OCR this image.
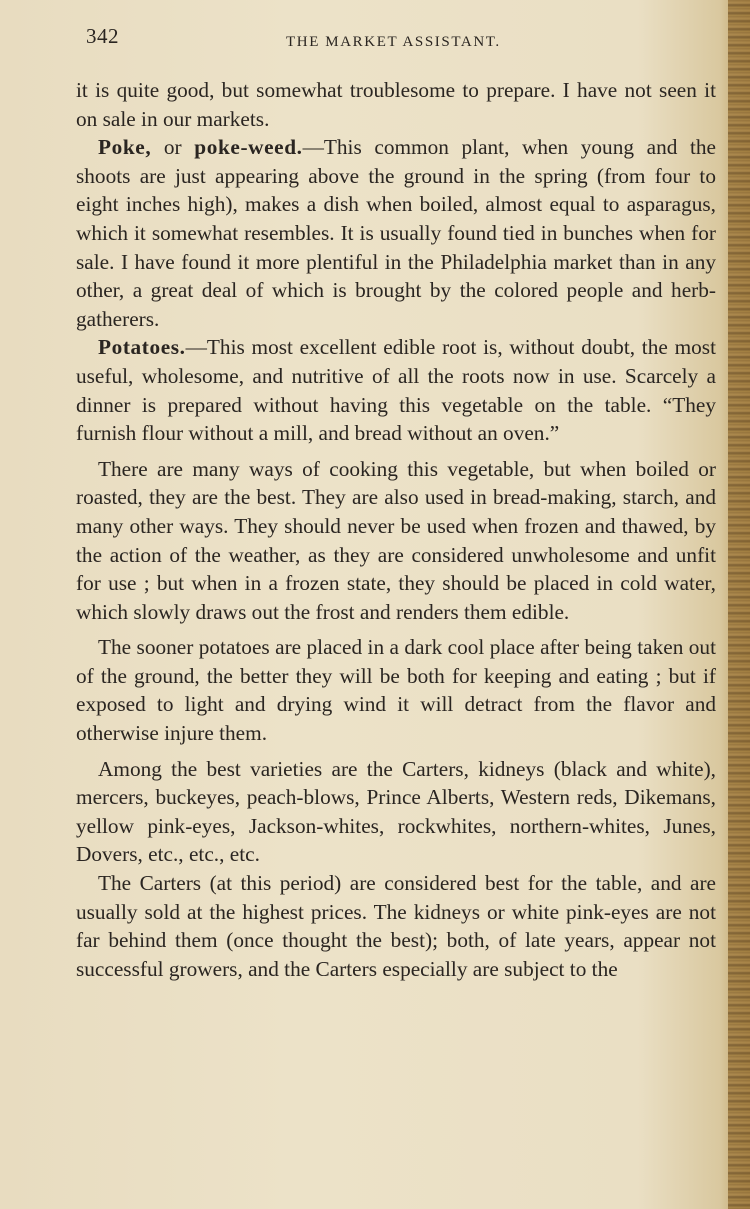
342	THE MARKET ASSISTANT.

it is quite good, but somewhat troublesome to prepare. I have not seen it on sale in our markets.

Poke, or poke-weed.—This common plant, when young and the shoots are just appearing above the ground in the spring (from four to eight inches high), makes a dish when boiled, almost equal to asparagus, which it somewhat resembles. It is usually found tied in bunches when for sale. I have found it more plentiful in the Philadelphia market than in any other, a great deal of which is brought by the colored people and herb-gatherers.

Potatoes.—This most excellent edible root is, without doubt, the most useful, wholesome, and nutritive of all the roots now in use. Scarcely a dinner is prepared without having this vegetable on the table. “They furnish flour without a mill, and bread without an oven.”

There are many ways of cooking this vegetable, but when boiled or roasted, they are the best. They are also used in bread-making, starch, and many other ways. They should never be used when frozen and thawed, by the action of the weather, as they are considered unwholesome and unfit for use ; but when in a frozen state, they should be placed in cold water, which slowly draws out the frost and renders them edible.

The sooner potatoes are placed in a dark cool place after being taken out of the ground, the better they will be both for keeping and eating ; but if exposed to light and drying wind it will detract from the flavor and otherwise injure them.

Among the best varieties are the Carters, kidneys (black and white), mercers, buckeyes, peach-blows, Prince Alberts, Western reds, Dikemans, yellow pink-eyes, Jackson-whites, rockwhites, northern-whites, Junes, Dovers, etc., etc., etc.

The Carters (at this period) are considered best for the table, and are usually sold at the highest prices. The kidneys or white pink-eyes are not far behind them (once thought the best); both, of late years, appear not successful growers, and the Carters especially are subject to the
